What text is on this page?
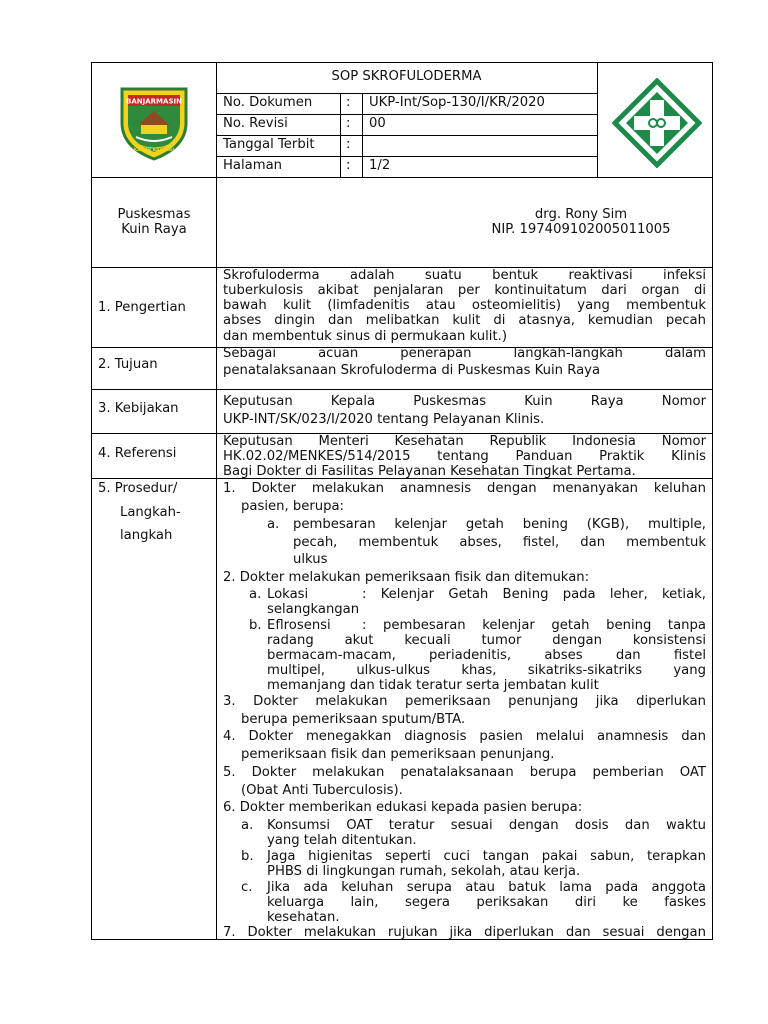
BANJARMASIN
KAYUH BAIMBAI
SOP SKROFULODERMA
No. Dokumen	: UKP-Int/Sop-130/I/KR/2020
No. Revisi	: 00
Tanggal Terbit :
Halaman	: 1/2
Puskesmas
Kuin Raya
drg. Rony Sim
NIP. 197409102005011005
1. Pengertian
Skrofuloderma adalah suatu bentuk reaktivasi infeksi
tuberkulosis akibat penjalaran per kontinuitatum dari organ di
bawah kulit (limfadenitis atau osteomielitis) yang membentuk
abses dingin dan melibatkan kulit di atasnya, kemudian pecah
dan membentuk sinus di permukaan kulit.)
2. Tujuan
Sebagai acuan penerapan langkah-langkah dalam
penatalaksanaan Skrofuloderma di Puskesmas Kuin Raya
3. Kebijakan	Keputusan Kepala Puskesmas Kuin Raya Nomor
UKP-INT/SK/023/I/2020 tentang Pelayanan Klinis.
4. Referensi
Keputusan Menteri Kesehatan Republik Indonesia Nomor
HK.02.02/MENKES/514/2015 tentang Panduan Praktik Klinis
Bagi Dokter di Fasilitas Pelayanan Kesehatan Tingkat Pertama.
5. Prosedur/
Langkah-
langkah
1. Dokter melakukan anamnesis dengan menanyakan keluhan
pasien, berupa:
a. pembesaran kelenjar getah bening (KGB), multiple,
pecah, membentuk abses, fistel, dan membentuk
ulkus
2. Dokter melakukan pemeriksaan fisik dan ditemukan:
a. Lokasi	: Kelenjar Getah Bening pada leher, ketiak,
selangkangan
b. Eflrosensi : pembesaran kelenjar getah bening tanpa
radang akut kecuali tumor dengan konsistensi
bermacam-macam, periadenitis, abses dan fistel
multipel, ulkus-ulkus khas, sikatriks-sikatriks yang
memanjang dan tidak teratur serta jembatan kulit
3. Dokter melakukan pemeriksaan penunjang jika diperlukan
berupa pemeriksaan sputum/BTA.
4. Dokter menegakkan diagnosis pasien melalui anamnesis dan
pemeriksaan fisik dan pemeriksaan penunjang.
5. Dokter melakukan penatalaksanaan berupa pemberian OAT
(Obat Anti Tuberculosis).
6. Dokter memberikan edukasi kepada pasien berupa:
a. Konsumsi OAT teratur sesuai dengan dosis dan waktu
yang telah ditentukan.
b. Jaga higienitas seperti cuci tangan pakai sabun, terapkan
PHBS di lingkungan rumah, sekolah, atau kerja.
c. Jika ada keluhan serupa atau batuk lama pada anggota
keluarga lain, segera periksakan diri ke faskes
kesehatan.
7. Dokter melakukan rujukan jika diperlukan dan sesuai dengan
